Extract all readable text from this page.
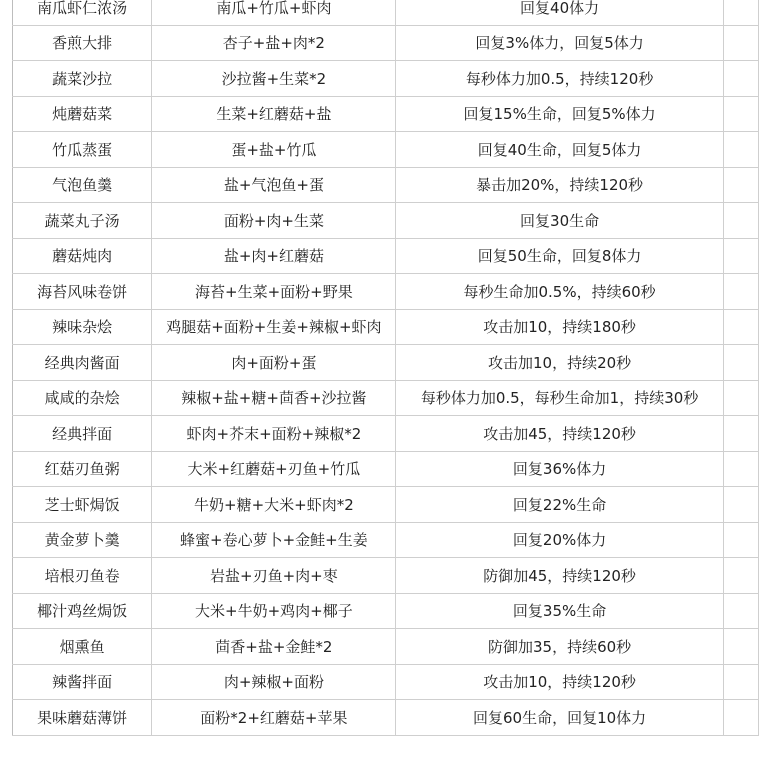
南瓜虾仁浓汤	南瓜+竹瓜+虾肉	回复40体力	
香煎大排	杏子+盐+肉*2	回复3%体力，回复5体力	
蔬菜沙拉	沙拉酱+生菜*2	每秒体力加0.5，持续120秒	
炖蘑菇菜	生菜+红蘑菇+盐	回复15%生命，回复5%体力	
竹瓜蒸蛋	蛋+盐+竹瓜	回复40生命，回复5体力	
气泡鱼羹	盐+气泡鱼+蛋	暴击加20%，持续120秒	
蔬菜丸子汤	面粉+肉+生菜	回复30生命	
蘑菇炖肉	盐+肉+红蘑菇	回复50生命，回复8体力	
海苔风味卷饼	海苔+生菜+面粉+野果	每秒生命加0.5%，持续60秒	
辣味杂烩	鸡腿菇+面粉+生姜+辣椒+虾肉	攻击加10，持续180秒	
经典肉酱面	肉+面粉+蛋	攻击加10，持续20秒	
咸咸的杂烩	辣椒+盐+糖+茴香+沙拉酱	每秒体力加0.5，每秒生命加1，持续30秒	
经典拌面	虾肉+芥末+面粉+辣椒*2	攻击加45，持续120秒	
红菇刃鱼粥	大米+红蘑菇+刃鱼+竹瓜	回复36%体力	
芝士虾焗饭	牛奶+糖+大米+虾肉*2	回复22%生命	
黄金萝卜羹	蜂蜜+卷心萝卜+金鲑+生姜	回复20%体力	
培根刃鱼卷	岩盐+刃鱼+肉+枣	防御加45，持续120秒	
椰汁鸡丝焗饭	大米+牛奶+鸡肉+椰子	回复35%生命	
烟熏鱼	茴香+盐+金鲑*2	防御加35，持续60秒	
辣酱拌面	肉+辣椒+面粉	攻击加10，持续120秒	
果味蘑菇薄饼	面粉*2+红蘑菇+苹果	回复60生命，回复10体力	
